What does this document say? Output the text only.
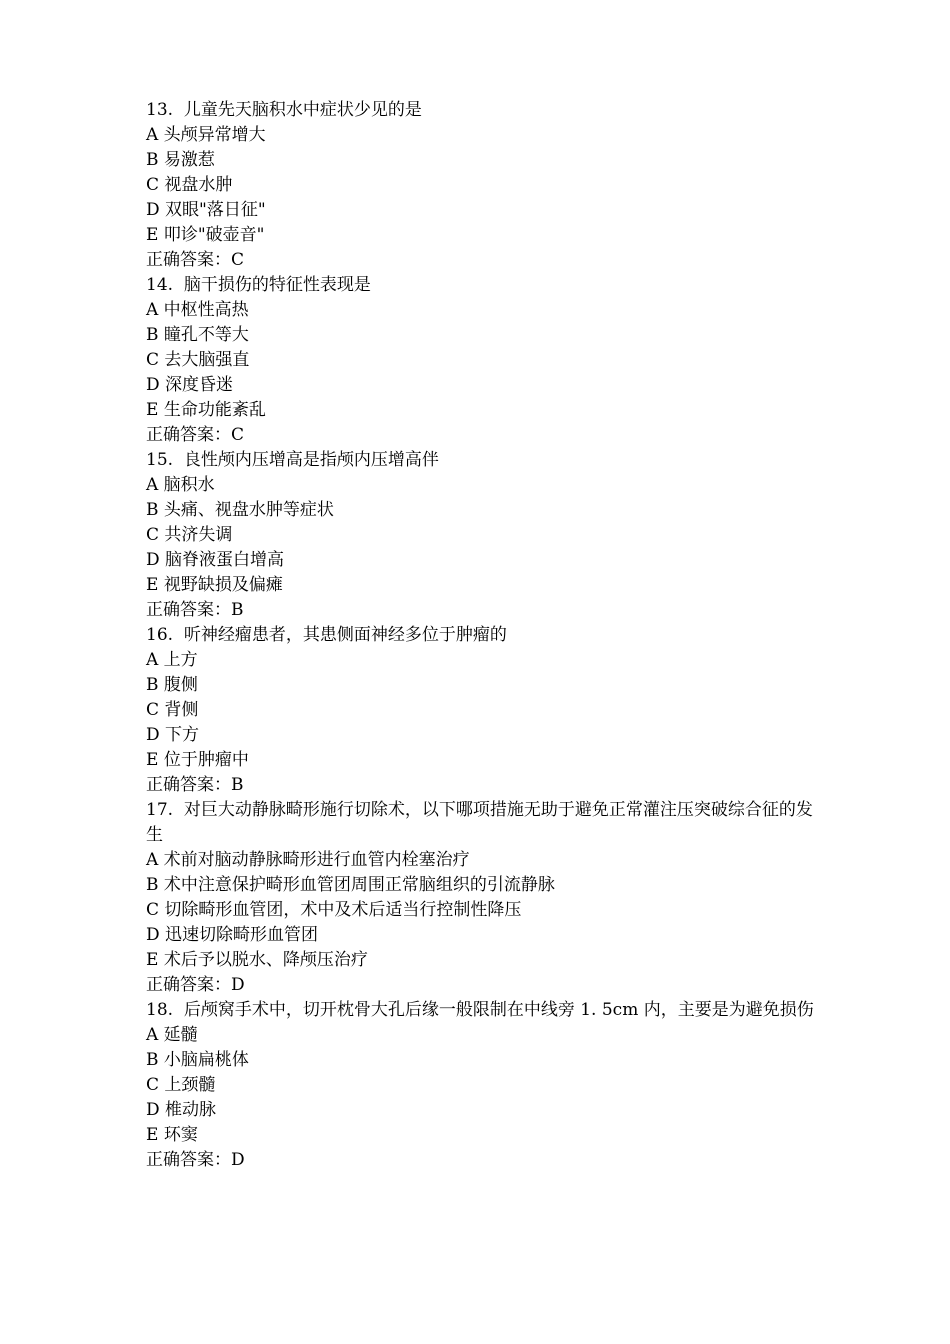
13.  儿童先天脑积水中症状少见的是

A 头颅异常增大

B 易激惹

C 视盘水肿

D 双眼"落日征"

E 叩诊"破壶音"

正确答案：C

14.  脑干损伤的特征性表现是

A 中枢性高热

B 瞳孔不等大

C 去大脑强直

D 深度昏迷

E 生命功能紊乱

正确答案：C

15.  良性颅内压增高是指颅内压增高伴

A 脑积水

B 头痛、视盘水肿等症状

C 共济失调

D 脑脊液蛋白增高

E 视野缺损及偏瘫

正确答案：B

16.  听神经瘤患者，其患侧面神经多位于肿瘤的

A 上方

B 腹侧

C 背侧

D 下方

E 位于肿瘤中

正确答案：B

17.  对巨大动静脉畸形施行切除术，以下哪项措施无助于避免正常灌注压突破综合征的发生

A 术前对脑动静脉畸形进行血管内栓塞治疗

B 术中注意保护畸形血管团周围正常脑组织的引流静脉

C 切除畸形血管团，术中及术后适当行控制性降压

D 迅速切除畸形血管团

E 术后予以脱水、降颅压治疗

正确答案：D

18.  后颅窝手术中，切开枕骨大孔后缘一般限制在中线旁 1. 5cm 内，主要是为避免损伤

A 延髓

B 小脑扁桃体

C 上颈髓

D 椎动脉

E 环窦

正确答案：D
